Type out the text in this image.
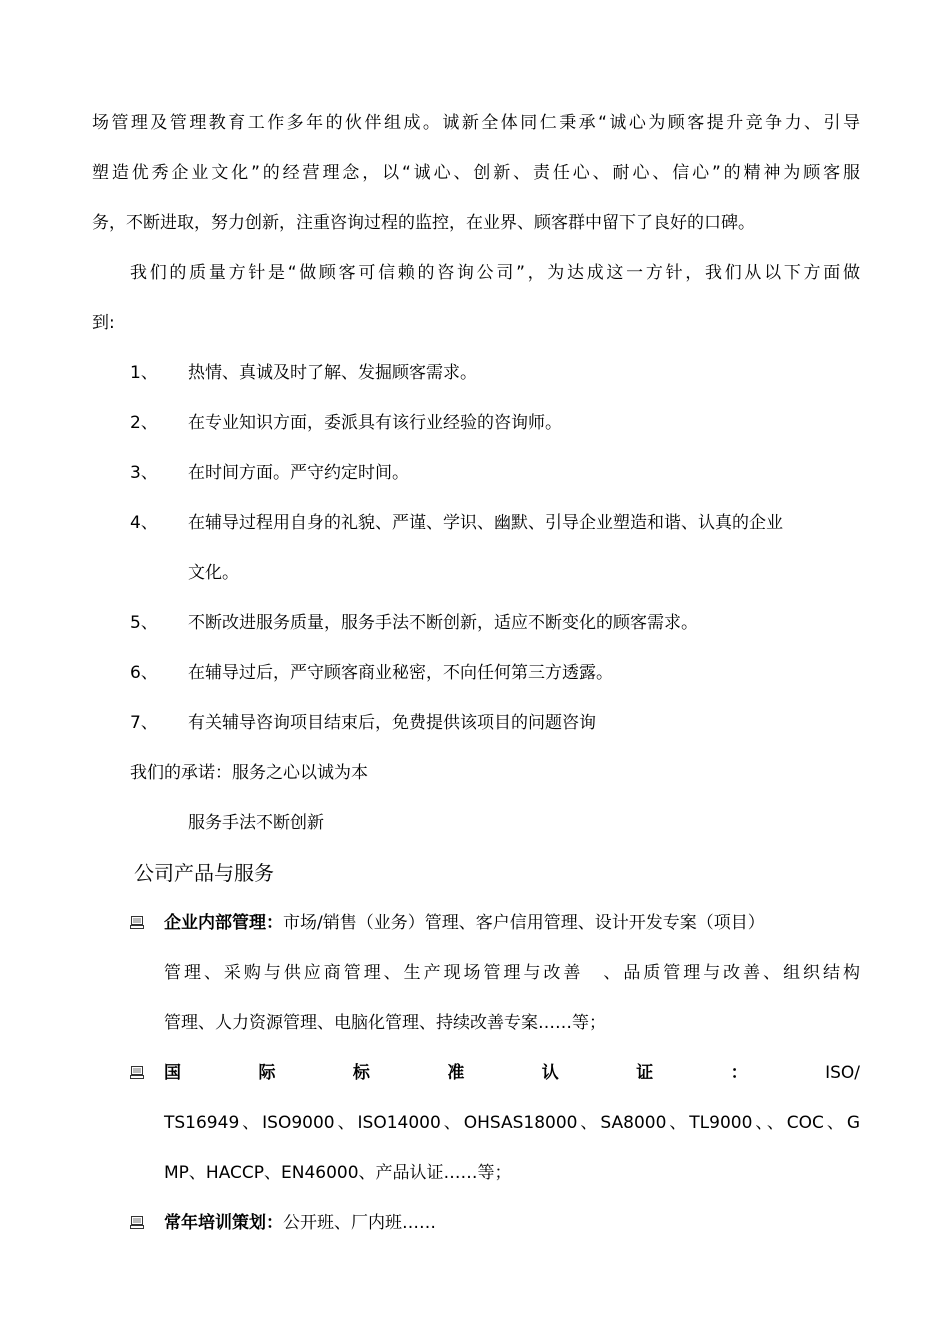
场管理及管理教育工作多年的伙伴组成。诚新全体同仁秉承“诚心为顾客提升竞争力、引导
塑造优秀企业文化”的经营理念，以“诚心、创新、责任心、耐心、信心”的精神为顾客服
务，不断进取，努力创新，注重咨询过程的监控，在业界、顾客群中留下了良好的口碑。
我们的质量方针是“做顾客可信赖的咨询公司”，为达成这一方针，我们从以下方面做
到:
1、	热情、真诚及时了解、发掘顾客需求。
2、	在专业知识方面，委派具有该行业经验的咨询师。
3、	在时间方面。严守约定时间。
4、	在辅导过程用自身的礼貌、严谨、学识、幽默、引导企业塑造和谐、认真的企业
文化。
5、	不断改进服务质量，服务手法不断创新，适应不断变化的顾客需求。
6、	在辅导过后，严守顾客商业秘密，不向任何第三方透露。
7、	有关辅导咨询项目结束后，免费提供该项目的问题咨询
我们的承诺：服务之心以诚为本
服务手法不断创新
公司产品与服务
企业内部管理：市场/销售（业务）管理、客户信用管理、设计开发专案（项目）
管理、采购与供应商管理、生产现场管理与改善　、品质管理与改善、组织结构
管理、人力资源管理、电脑化管理、持续改善专案……等；
国	际	标	准	认	证	：	ISO/
TS16949、ISO9000、ISO14000、OHSAS18000、SA8000、TL9000、、COC、G
MP、HACCP、EN46000、产品认证……等；
常年培训策划：公开班、厂内班……
